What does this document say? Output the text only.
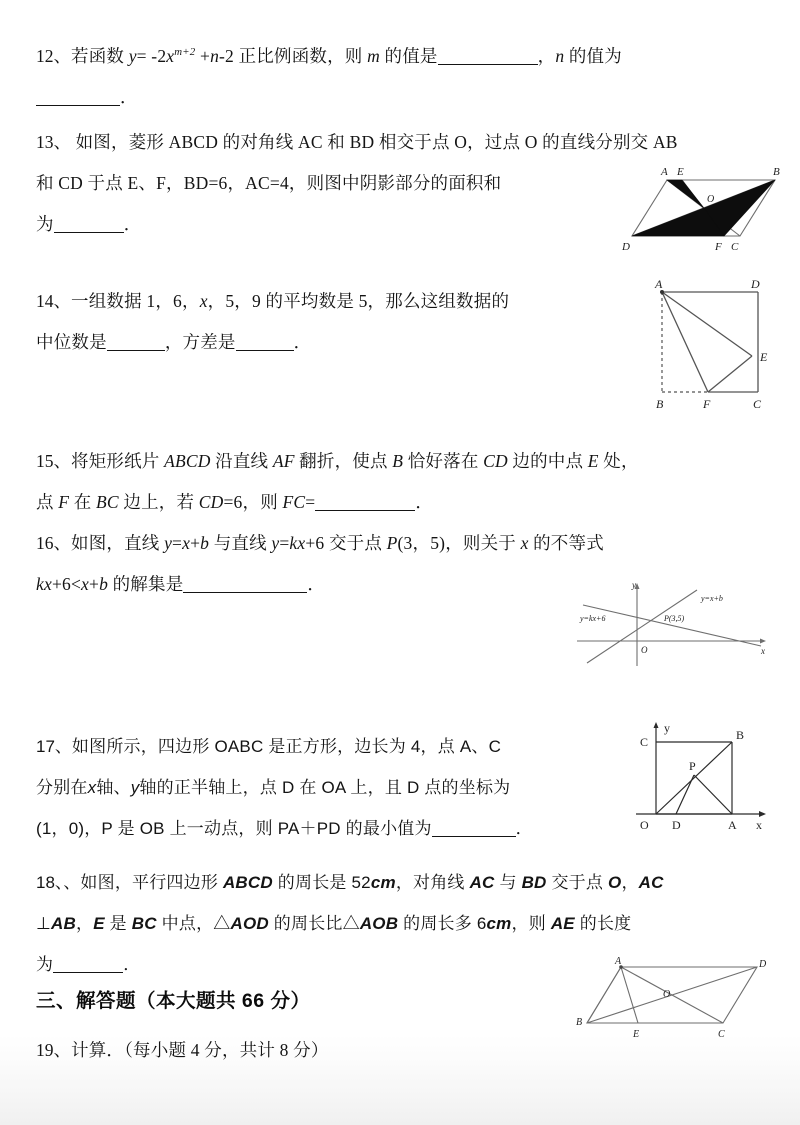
12、若函数 $y= -2x^{m+2} +n-2$ 正比例函数，则 m 的值是	，n 的值为
．
13、 如图，菱形 ABCD 的对角线 AC 和 BD 相交于点 O，过点 O 的直线分别交 AB
和 CD 于点 E、F，BD=6，AC=4，则图中阴影部分的面积和
为	．
A E	B
O
D	F C
14、一组数据 1，6，x，5，9 的平均数是 5，那么这组数据的
中位数是	，方差是	．
A	D
E
B	F	C
15、将矩形纸片 ABCD 沿直线 AF 翻折，使点 B 恰好落在 CD 边的中点 E 处，
点 F 在 BC 边上，若 CD=6，则 FC=	．
16、如图，直线 y=x+b 与直线 y=kx+6 交于点 P(3，5)，则关于 x 的不等式
kx+6<x+b 的解集是	．	y
x
O
y=kx+6
y=x+b
P(3,5)
17、如图所示，四边形 OABC 是正方形，边长为 4，点 A、C
分别在x轴、y轴的正半轴上，点 D 在 OA 上，且 D 点的坐标为
(1，0)，P 是 OB 上一动点，则 PA＋PD 的最小值为	．
y
x
C	B
P
O D	A
18、、如图，平行四边形 ABCD 的周长是 52cm，对角线 AC 与 BD 交于点 O，AC
⊥AB，E 是 BC 中点，△AOD 的周长比△AOB 的周长多 6cm，则 AE 的长度
为	．	A	D
O
B
E	C
三、解答题（本大题共 66 分）
19、计算．（每小题 4 分，共计 8 分）
